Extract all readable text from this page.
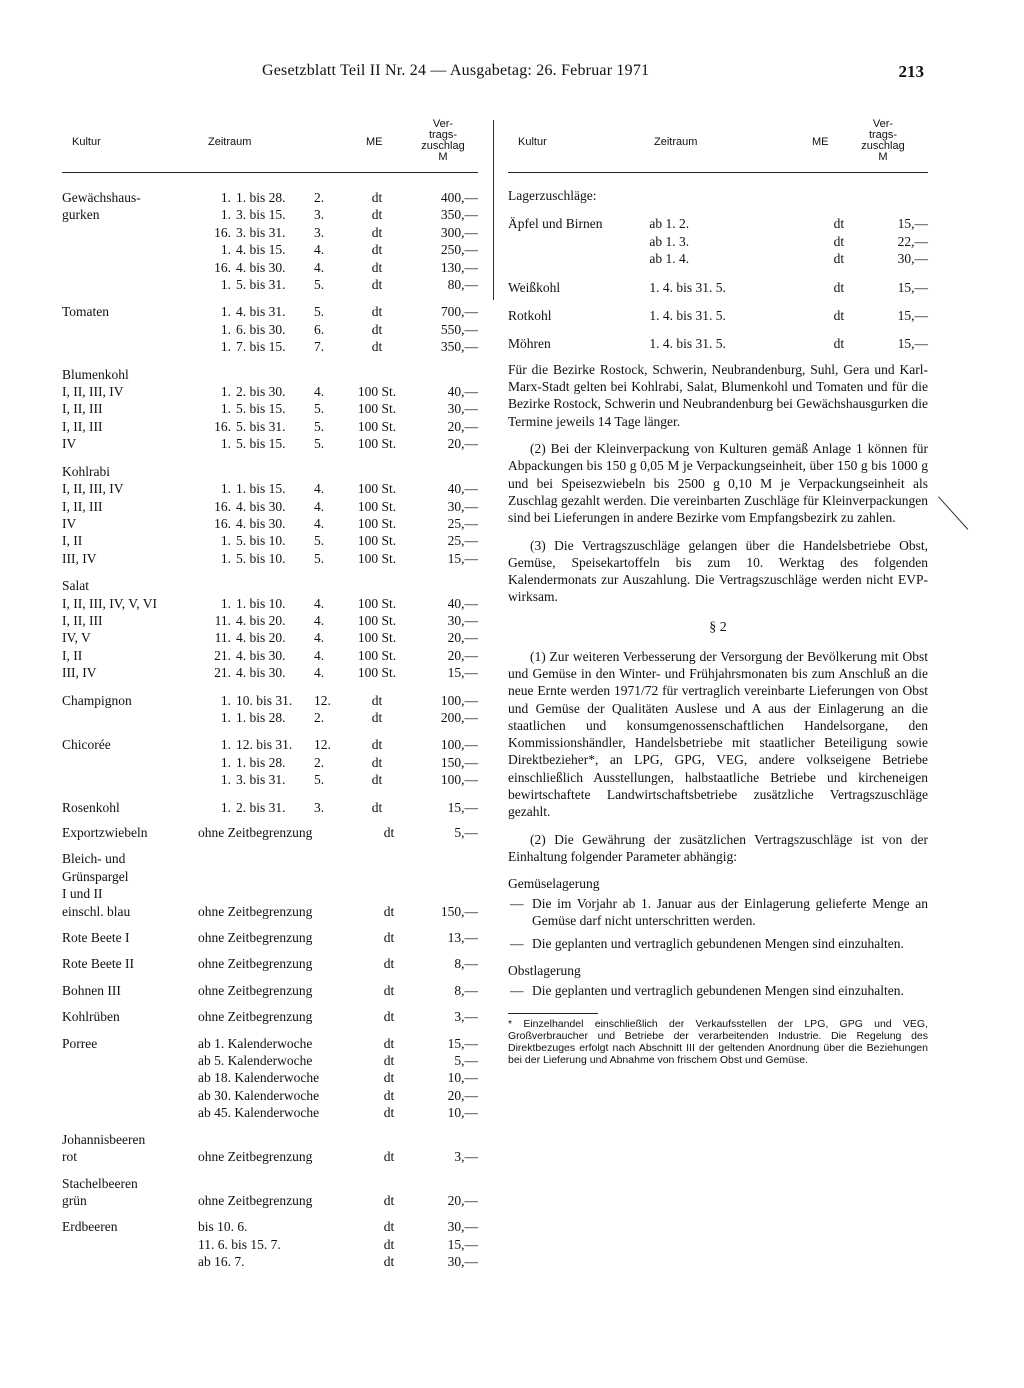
Gesetzblatt Teil II Nr. 24 — Ausgabetag: 26. Februar 1971	213
Kultur	Zeitraum	ME
Ver-
trags-
zuschlag
M
Gewächshaus-	1.	1. bis 28.	2.	dt	400,—
gurken	1.	3. bis 15.	3.	dt	350,—
	16.	3. bis 31.	3.	dt	300,—
	1.	4. bis 15.	4.	dt	250,—
	16.	4. bis 30.	4.	dt	130,—
	1.	5. bis 31.	5.	dt	80,—

Tomaten	1.	4. bis 31.	5.	dt	700,—
	1.	6. bis 30.	6.	dt	550,—
	1.	7. bis 15.	7.	dt	350,—

Blumenkohl					
I, II, III, IV	1.	2. bis 30.	4.	100 St.	40,—
I, II, III	1.	5. bis 15.	5.	100 St.	30,—
I, II, III	16.	5. bis 31.	5.	100 St.	20,—
IV	1.	5. bis 15.	5.	100 St.	20,—

Kohlrabi					
I, II, III, IV	1.	1. bis 15.	4.	100 St.	40,—
I, II, III	16.	4. bis 30.	4.	100 St.	30,—
IV	16.	4. bis 30.	4.	100 St.	25,—
I, II	1.	5. bis 10.	5.	100 St.	25,—
III, IV	1.	5. bis 10.	5.	100 St.	15,—

Salat					
I, II, III, IV, V, VI	1.	1. bis 10.	4.	100 St.	40,—
I, II, III	11.	4. bis 20.	4.	100 St.	30,—
IV, V	11.	4. bis 20.	4.	100 St.	20,—
I, II	21.	4. bis 30.	4.	100 St.	20,—
III, IV	21.	4. bis 30.	4.	100 St.	15,—

Champignon	1.	10. bis 31.	12.	dt	100,—
	1.	1. bis 28.	2.	dt	200,—

Chicorée	1.	12. bis 31.	12.	dt	100,—
	1.	1. bis 28.	2.	dt	150,—
	1.	3. bis 31.	5.	dt	100,—

Rosenkohl	1.	2. bis 31.	3.	dt	15,—
Exportzwiebeln	ohne Zeitbegrenzung	dt	5,—

Bleich- und			
Grünspargel			
I und II			
einschl. blau	ohne Zeitbegrenzung	dt	150,—

Rote Beete I	ohne Zeitbegrenzung	dt	13,—

Rote Beete II	ohne Zeitbegrenzung	dt	8,—

Bohnen III	ohne Zeitbegrenzung	dt	8,—

Kohlrüben	ohne Zeitbegrenzung	dt	3,—

Porree	ab 1. Kalenderwoche	dt	15,—
	ab 5. Kalenderwoche	dt	5,—
	ab 18. Kalenderwoche	dt	10,—
	ab 30. Kalenderwoche	dt	20,—
	ab 45. Kalenderwoche	dt	10,—

Johannisbeeren			
rot	ohne Zeitbegrenzung	dt	3,—

Stachelbeeren			
grün	ohne Zeitbegrenzung	dt	20,—

Erdbeeren	bis 10. 6.	dt	30,—
	11. 6. bis 15. 7.	dt	15,—
	ab 16. 7.	dt	30,—
Kultur	Zeitraum	ME
Ver-
trags-
zuschlag
M
Lagerzuschläge:			

Äpfel und Birnen	ab 1. 2.	dt	15,—
	ab 1. 3.	dt	22,—
	ab 1. 4.	dt	30,—

Weißkohl	1. 4. bis 31. 5.	dt	15,—

Rotkohl	1. 4. bis 31. 5.	dt	15,—

Möhren	1. 4. bis 31. 5.	dt	15,—

Für die Bezirke Rostock, Schwerin, Neubrandenburg, Suhl, Gera und Karl-Marx-Stadt gelten bei Kohlrabi, Salat, Blumenkohl und Tomaten und für die Bezirke Rostock, Schwerin und Neubrandenburg bei Gewächshausgurken die Termine jeweils 14 Tage länger.

(2) Bei der Kleinverpackung von Kulturen gemäß Anlage 1 können für Abpackungen bis 150 g 0,05 M je Verpackungseinheit, über 150 g bis 1000 g und bei Speisezwiebeln bis 2500 g 0,10 M je Verpackungseinheit als Zuschlag gezahlt werden. Die vereinbarten Zuschläge für Kleinverpackungen sind bei Lieferungen in andere Bezirke vom Empfangsbezirk zu zahlen.

(3) Die Vertragszuschläge gelangen über die Handelsbetriebe Obst, Gemüse, Speisekartoffeln bis zum 10. Werktag des folgenden Kalendermonats zur Auszahlung. Die Vertragszuschläge werden nicht EVP-wirksam.

§ 2

(1) Zur weiteren Verbesserung der Versorgung der Bevölkerung mit Obst und Gemüse in den Winter- und Frühjahrsmonaten bis zum Anschluß an die neue Ernte werden 1971/72 für vertraglich vereinbarte Lieferungen von Obst und Gemüse der Qualitäten Auslese und A aus der Einlagerung an die staatlichen und konsumgenossenschaftlichen Handelsorgane, den Kommissionshändler, Handelsbetriebe mit staatlicher Beteiligung sowie Direktbezieher*, an LPG, GPG, VEG, andere volkseigene Betriebe einschließlich Ausstellungen, halbstaatliche Betriebe und kircheneigen bewirtschaftete Landwirtschaftsbetriebe zusätzliche Vertragszuschläge gezahlt.

(2) Die Gewährung der zusätzlichen Vertragszuschläge ist von der Einhaltung folgender Parameter abhängig:

Gemüselagerung
— Die im Vorjahr ab 1. Januar aus der Einlagerung gelieferte Menge an Gemüse darf nicht unterschritten werden.
— Die geplanten und vertraglich gebundenen Mengen sind einzuhalten.
Obstlagerung
— Die geplanten und vertraglich gebundenen Mengen sind einzuhalten.
* Einzelhandel einschließlich der Verkaufsstellen der LPG, GPG und VEG, Großverbraucher und Betriebe der verarbeitenden Industrie. Die Regelung des Direktbezuges erfolgt nach Abschnitt III der geltenden Anordnung über die Beziehungen bei der Lieferung und Abnahme von frischem Obst und Gemüse.
